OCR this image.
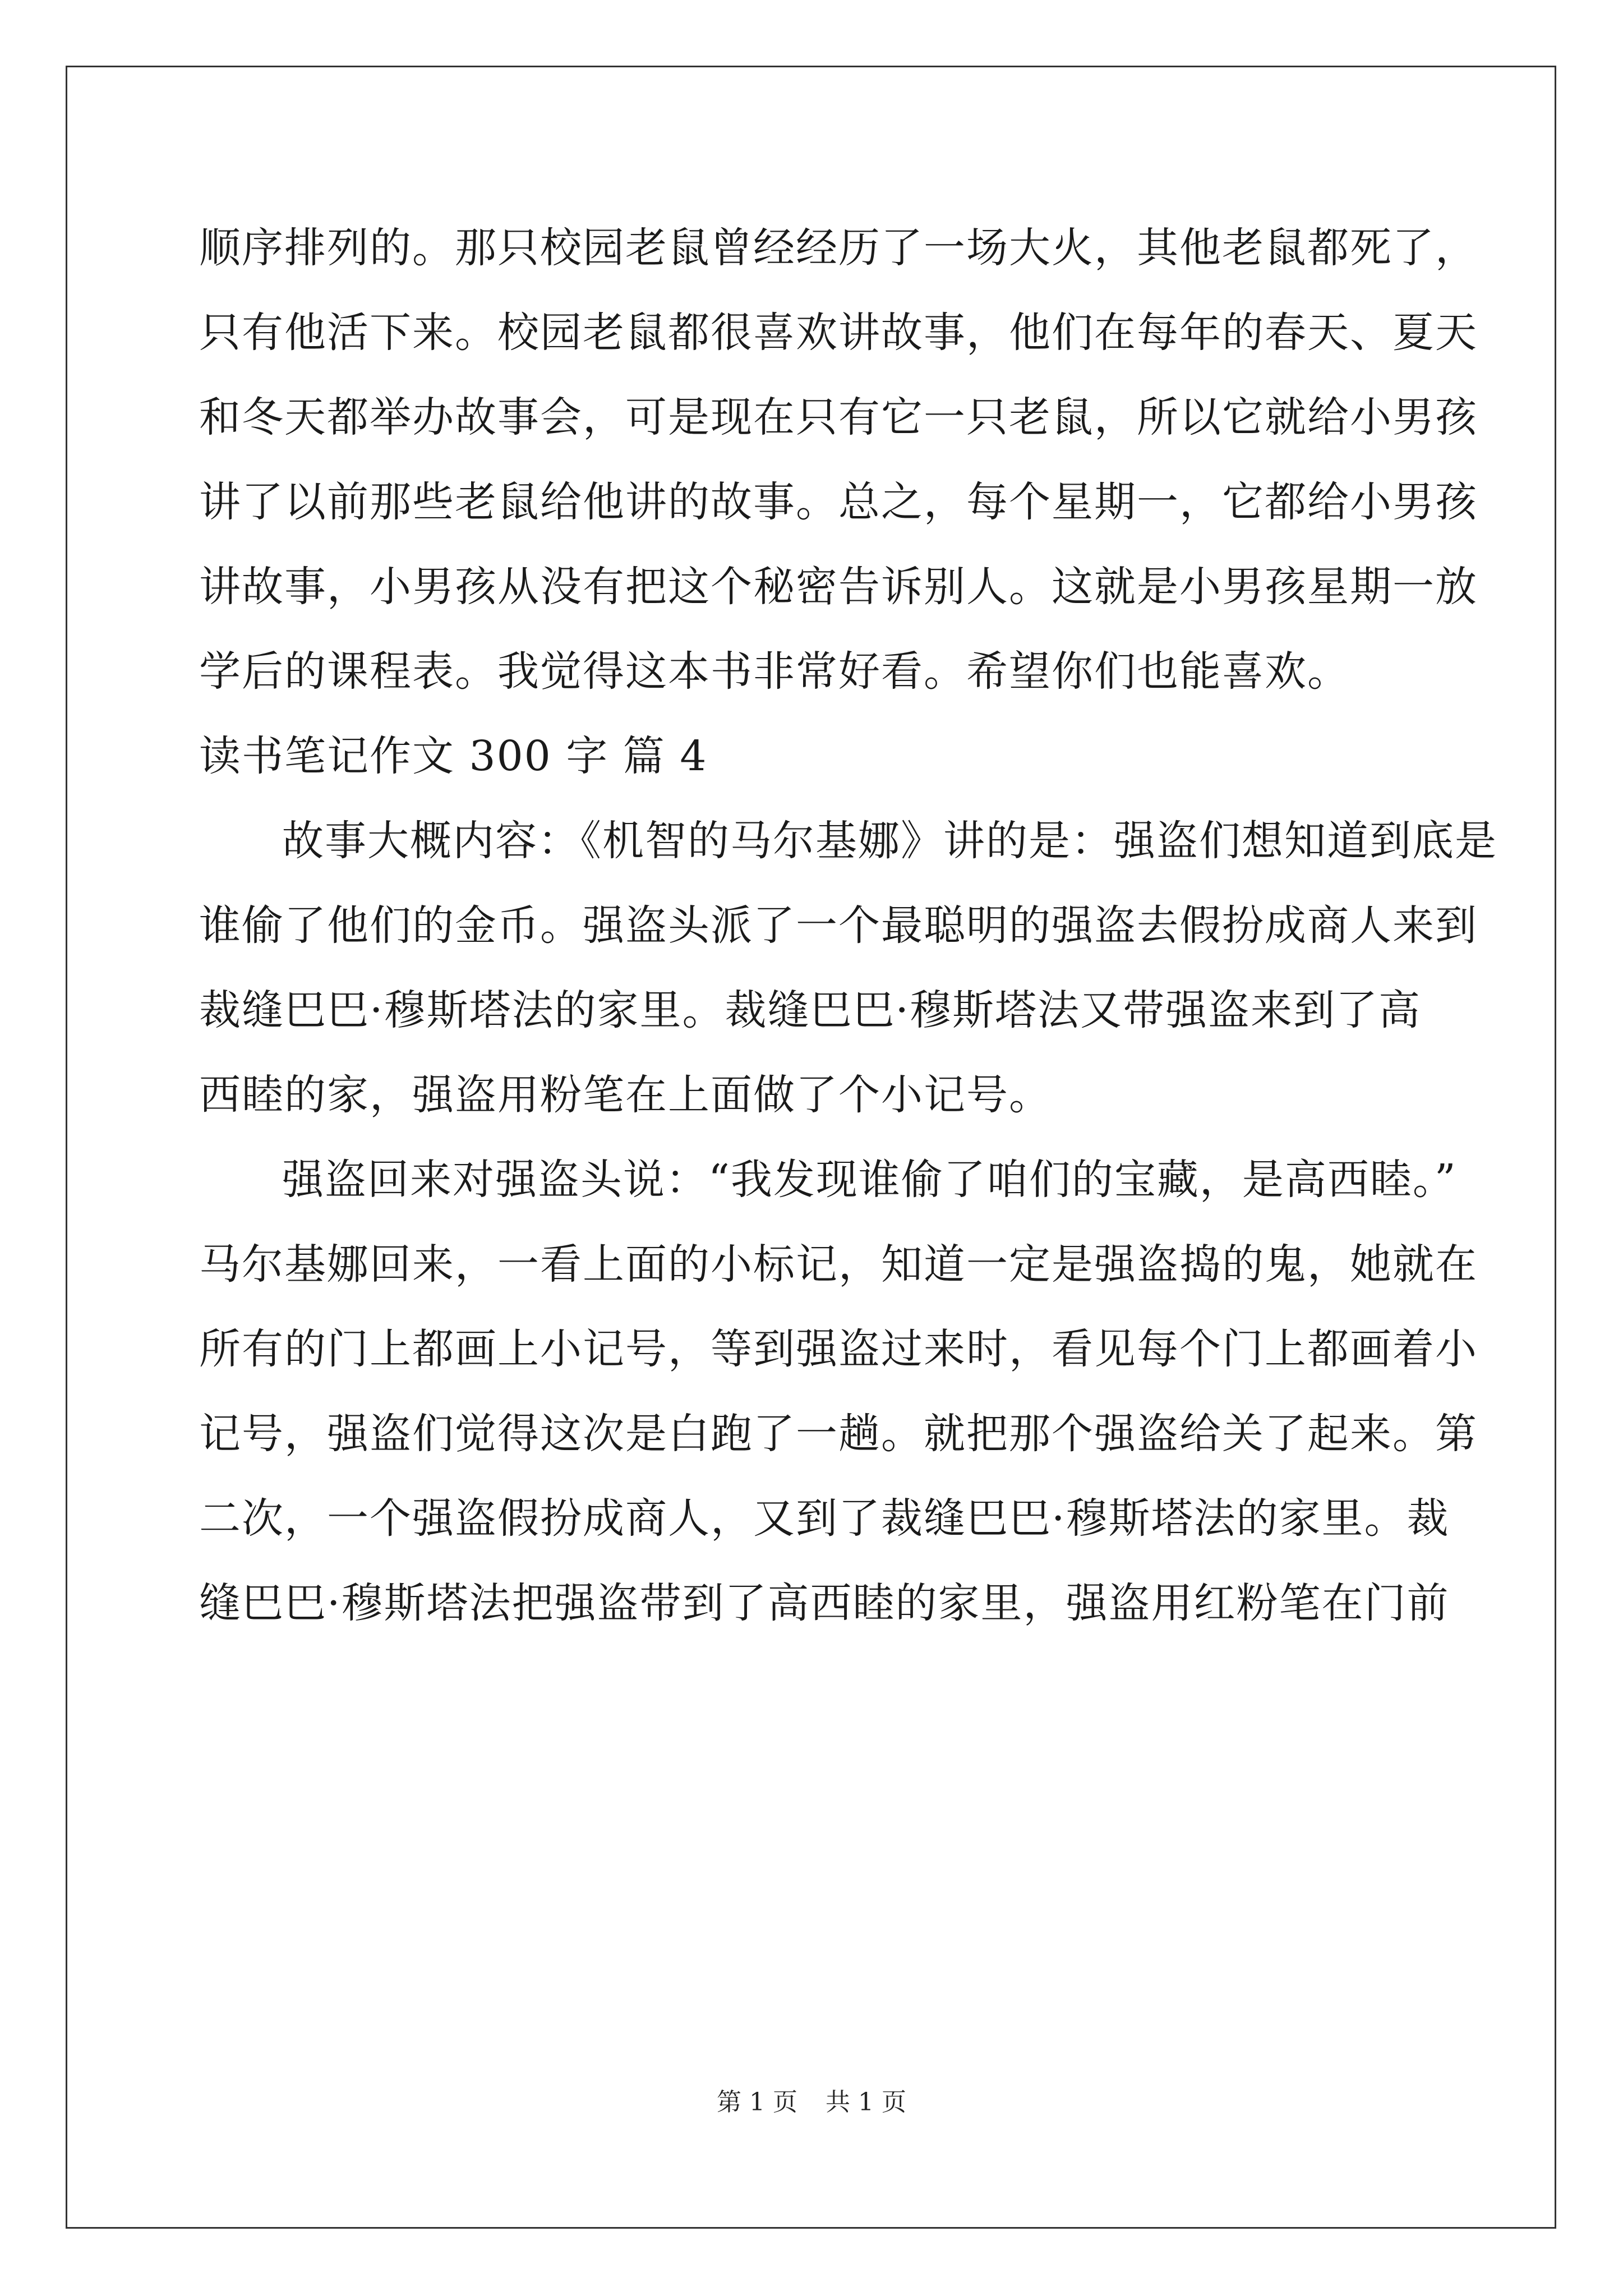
顺序排列的。那只校园老鼠曾经经历了一场大火，其他老鼠都死了，
只有他活下来。校园老鼠都很喜欢讲故事，他们在每年的春天、夏天
和冬天都举办故事会，可是现在只有它一只老鼠，所以它就给小男孩
讲了以前那些老鼠给他讲的故事。总之，每个星期一，它都给小男孩
讲故事，小男孩从没有把这个秘密告诉别人。这就是小男孩星期一放
学后的课程表。我觉得这本书非常好看。希望你们也能喜欢。
读书笔记作文 300 字 篇 4
故事大概内容：《机智的马尔基娜》讲的是：强盗们想知道到底是
谁偷了他们的金币。强盗头派了一个最聪明的强盗去假扮成商人来到
裁缝巴巴·穆斯塔法的家里。裁缝巴巴·穆斯塔法又带强盗来到了高
西睦的家，强盗用粉笔在上面做了个小记号。
强盗回来对强盗头说：“我发现谁偷了咱们的宝藏，是高西睦。”
马尔基娜回来，一看上面的小标记，知道一定是强盗捣的鬼，她就在
所有的门上都画上小记号，等到强盗过来时，看见每个门上都画着小
记号，强盗们觉得这次是白跑了一趟。就把那个强盗给关了起来。第
二次，一个强盗假扮成商人，又到了裁缝巴巴·穆斯塔法的家里。裁
缝巴巴·穆斯塔法把强盗带到了高西睦的家里，强盗用红粉笔在门前
第 1 页 共 1 页
